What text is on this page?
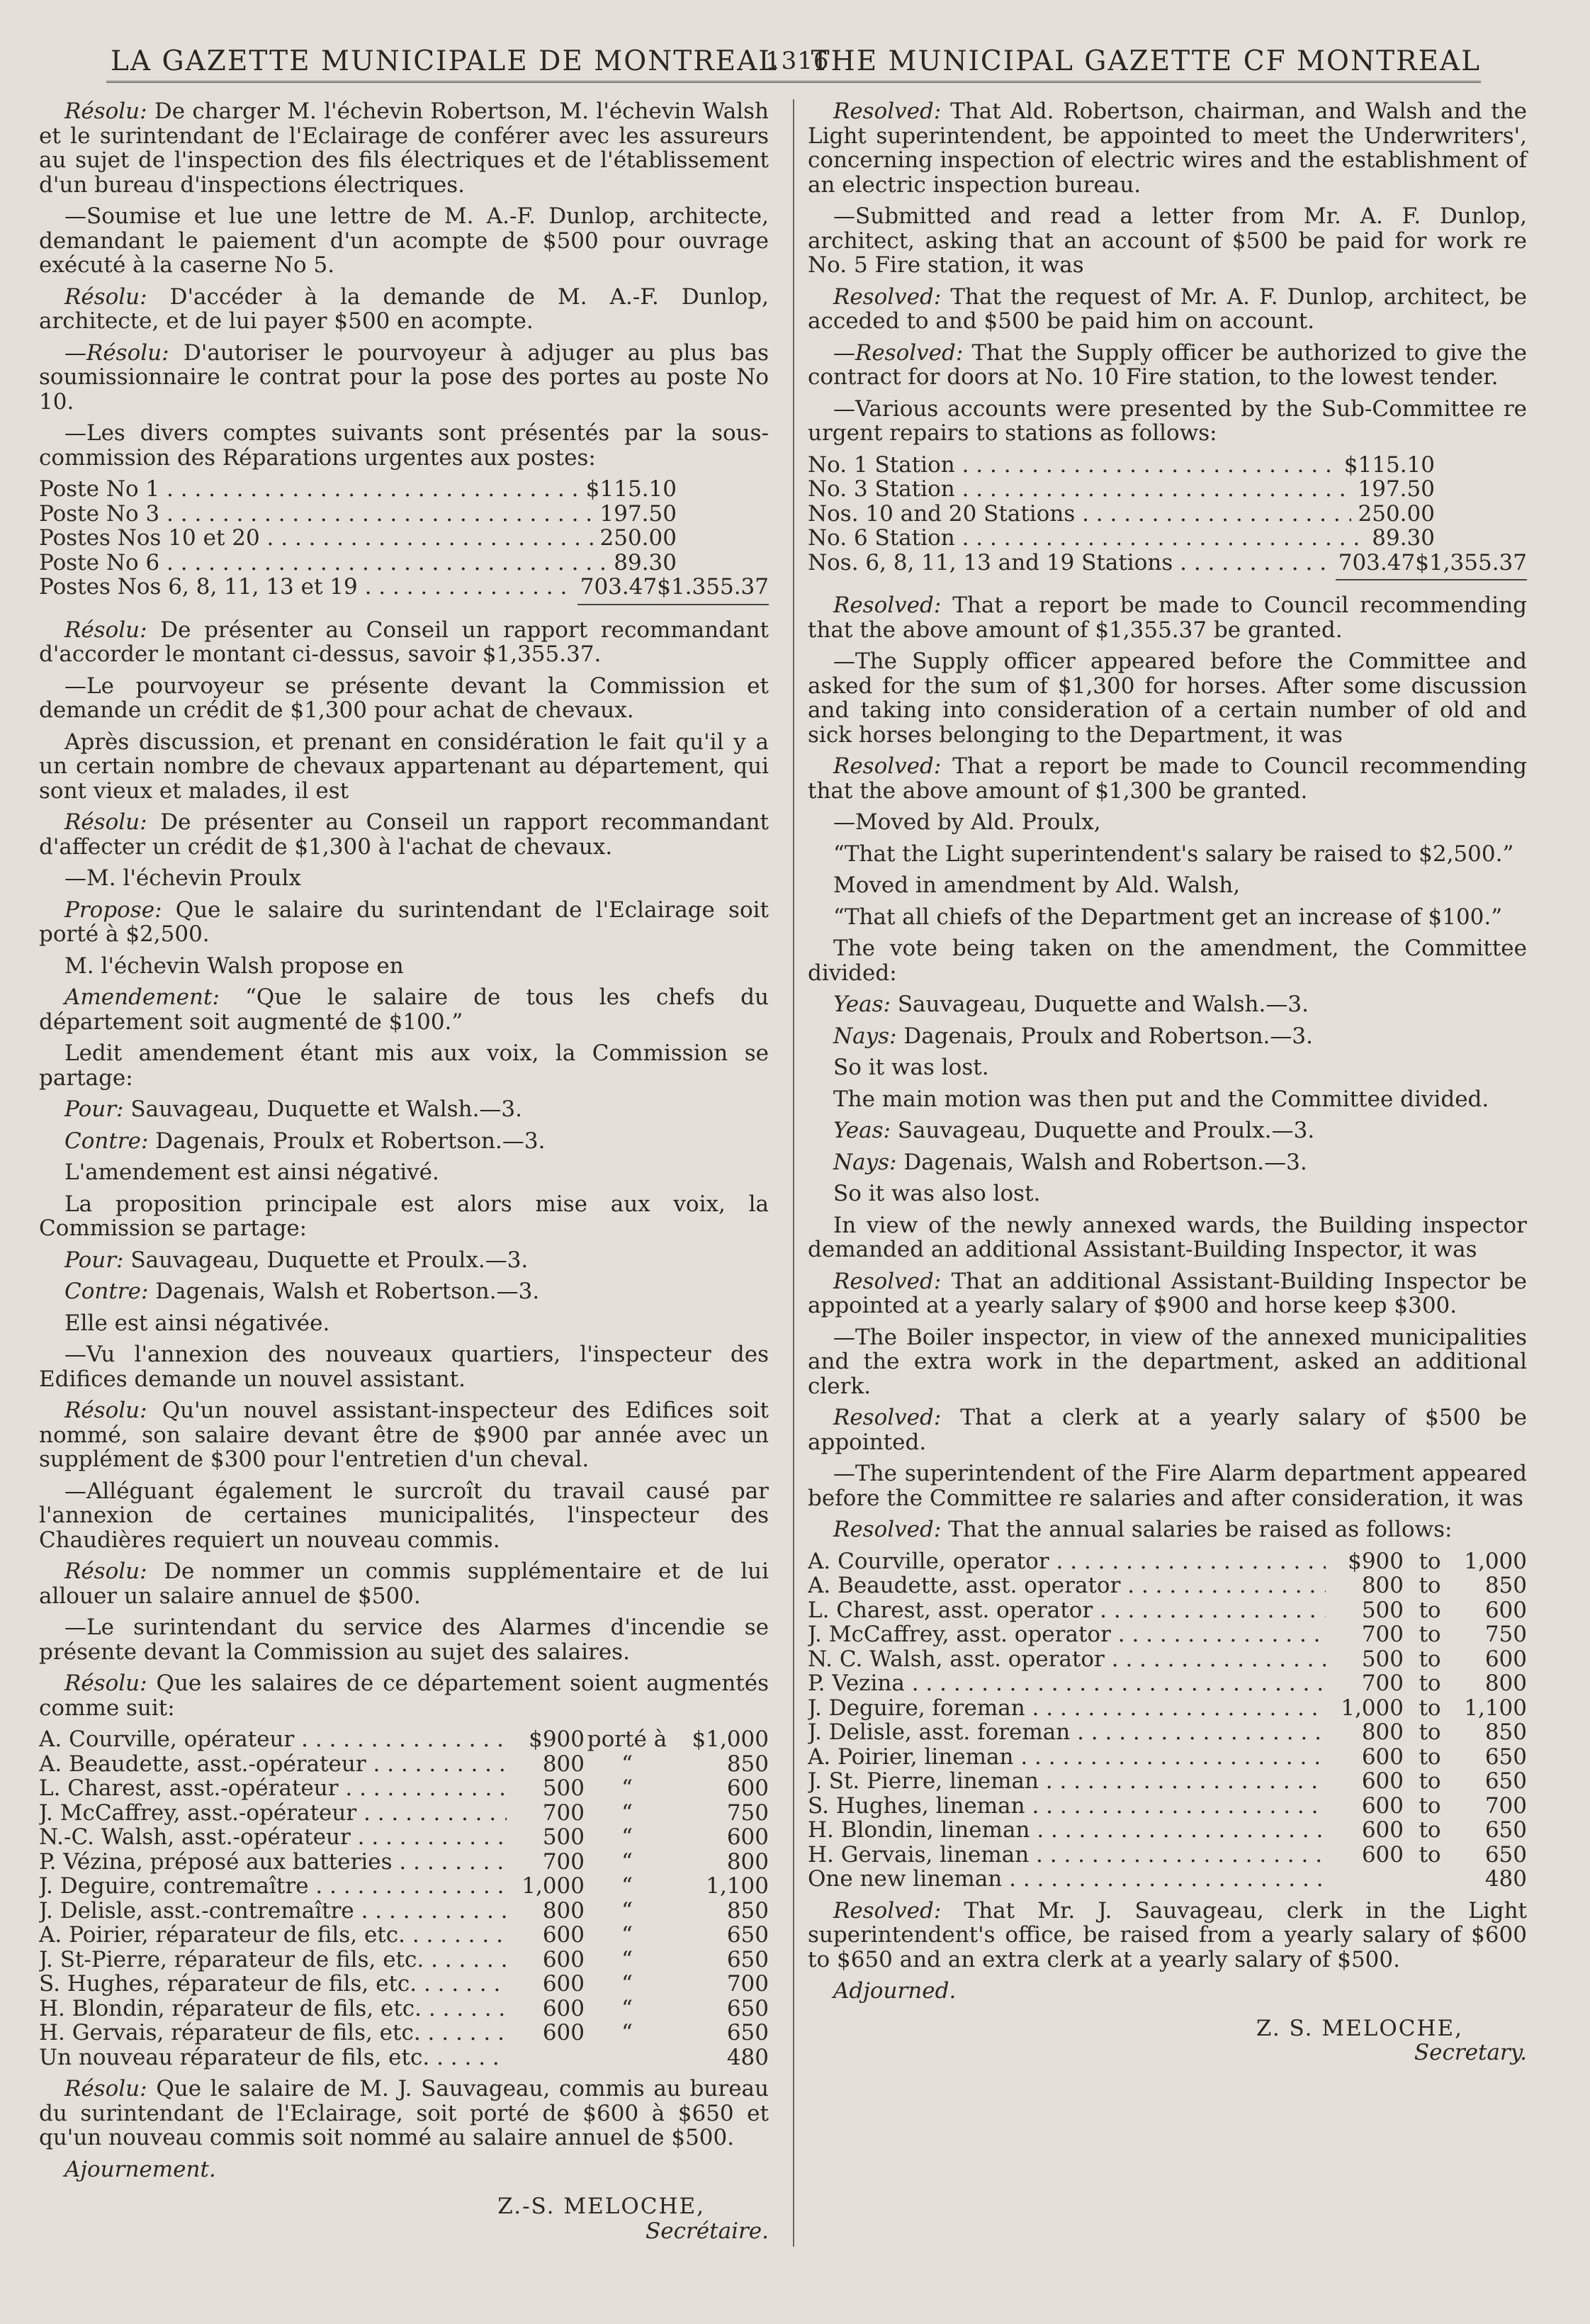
LA GAZETTE MUNICIPALE DE MONTREAL
1316
THE MUNICIPAL GAZETTE CF MONTREAL

Résolu: De charger M. l'échevin Robertson, M. l'échevin Walsh et le surintendant de l'Eclairage de conférer avec les assureurs au sujet de l'inspection des fils électriques et de l'établissement d'un bureau d'inspections électriques.

—Soumise et lue une lettre de M. A.-F. Dunlop, architecte, demandant le paiement d'un acompte de $500 pour ouvrage exécuté à la caserne No 5.

Résolu: D'accéder à la demande de M. A.-F. Dunlop, architecte, et de lui payer $500 en acompte.

—Résolu: D'autoriser le pourvoyeur à adjuger au plus bas soumissionnaire le contrat pour la pose des portes au poste No 10.

—Les divers comptes suivants sont présentés par la sous-commission des Réparations urgentes aux postes:

Poste No 1 . . .	$115.10
Poste No 3 . . .	197.50
Postes Nos 10 et 20 . . .	250.00
Poste No 6 . . .	89.30
Postes Nos 6, 8, 11, 13 et 19 . . .	703.47 $1.355.37

Résolu: De présenter au Conseil un rapport recommandant d'accorder le montant ci-dessus, savoir $1,355.37.

—Le pourvoyeur se présente devant la Commission et demande un crédit de $1,300 pour achat de chevaux.

Après discussion, et prenant en considération le fait qu'il y a un certain nombre de chevaux appartenant au département, qui sont vieux et malades, il est

Résolu: De présenter au Conseil un rapport recommandant d'affecter un crédit de $1,300 à l'achat de chevaux.

—M. l'échevin Proulx

Propose: Que le salaire du surintendant de l'Eclairage soit porté à $2,500.

M. l'échevin Walsh propose en

Amendement: “Que le salaire de tous les chefs du département soit augmenté de $100.”

Ledit amendement étant mis aux voix, la Commission se partage:

Pour: Sauvageau, Duquette et Walsh.—3.

Contre: Dagenais, Proulx et Robertson.—3.

L'amendement est ainsi négativé.

La proposition principale est alors mise aux voix, la Commission se partage:

Pour: Sauvageau, Duquette et Proulx.—3.

Contre: Dagenais, Walsh et Robertson.—3.

Elle est ainsi négativée.

—Vu l'annexion des nouveaux quartiers, l'inspecteur des Edifices demande un nouvel assistant.

Résolu: Qu'un nouvel assistant-inspecteur des Edifices soit nommé, son salaire devant être de $900 par année avec un supplément de $300 pour l'entretien d'un cheval.

—Alléguant également le surcroît du travail causé par l'annexion de certaines municipalités, l'inspecteur des Chaudières requiert un nouveau commis.

Résolu: De nommer un commis supplémentaire et de lui allouer un salaire annuel de $500.

—Le surintendant du service des Alarmes d'incendie se présente devant la Commission au sujet des salaires.

Résolu: Que les salaires de ce département soient augmentés comme suit:

A. Courville, opérateur . . .	$900 porté à	$1,000
A. Beaudette, asst.-opérateur . . .	800	“	850
L. Charest, asst.-opérateur . . .	500	“	600
J. McCaffrey, asst.-opérateur . . .	700	“	750
N.-C. Walsh, asst.-opérateur . . .	500	“	600
P. Vézina, préposé aux batteries . . .	700	“	800
J. Deguire, contremaître . . .	1,000	“	1,100
J. Delisle, asst.-contremaître . . .	800	“	850
A. Poirier, réparateur de fils, etc. . . .	600	“	650
J. St-Pierre, réparateur de fils, etc. . . .	600	“	650
S. Hughes, réparateur de fils, etc. . . .	600	“	700
H. Blondin, réparateur de fils, etc. . . .	600	“	650
H. Gervais, réparateur de fils, etc. . . .	600	“	650
Un nouveau réparateur de fils, etc. . . .	480

Résolu: Que le salaire de M. J. Sauvageau, commis au bureau du surintendant de l'Eclairage, soit porté de $600 à $650 et qu'un nouveau commis soit nommé au salaire annuel de $500.

Ajournement.

Z.-S. MELOCHE,
Secrétaire.

Resolved: That Ald. Robertson, chairman, and Walsh and the Light superintendent, be appointed to meet the Underwriters', concerning inspection of electric wires and the establishment of an electric inspection bureau.

—Submitted and read a letter from Mr. A. F. Dunlop, architect, asking that an account of $500 be paid for work re No. 5 Fire station, it was

Resolved: That the request of Mr. A. F. Dunlop, architect, be acceded to and $500 be paid him on account.

—Resolved: That the Supply officer be authorized to give the contract for doors at No. 10 Fire station, to the lowest tender.

—Various accounts were presented by the Sub-Committee re urgent repairs to stations as follows:

No. 1 Station . . .	$115.10
No. 3 Station . . .	197.50
Nos. 10 and 20 Stations . . .	250.00
No. 6 Station . . .	89.30
Nos. 6, 8, 11, 13 and 19 Stations . . .	703.47 $1,355.37

Resolved: That a report be made to Council recommending that the above amount of $1,355.37 be granted.

—The Supply officer appeared before the Committee and asked for the sum of $1,300 for horses. After some discussion and taking into consideration of a certain number of old and sick horses belonging to the Department, it was

Resolved: That a report be made to Council recommending that the above amount of $1,300 be granted.

—Moved by Ald. Proulx,

“That the Light superintendent's salary be raised to $2,500.”

Moved in amendment by Ald. Walsh,

“That all chiefs of the Department get an increase of $100.”

The vote being taken on the amendment, the Committee divided:

Yeas: Sauvageau, Duquette and Walsh.—3.

Nays: Dagenais, Proulx and Robertson.—3.

So it was lost.

The main motion was then put and the Committee divided.

Yeas: Sauvageau, Duquette and Proulx.—3.

Nays: Dagenais, Walsh and Robertson.—3.

So it was also lost.

In view of the newly annexed wards, the Building inspector demanded an additional Assistant-Building Inspector, it was

Resolved: That an additional Assistant-Building Inspector be appointed at a yearly salary of $900 and horse keep $300.

—The Boiler inspector, in view of the annexed municipalities and the extra work in the department, asked an additional clerk.

Resolved: That a clerk at a yearly salary of $500 be appointed.

—The superintendent of the Fire Alarm department appeared before the Committee re salaries and after consideration, it was

Resolved: That the annual salaries be raised as follows:

A. Courville, operator . . .	$900 to	1,000
A. Beaudette, asst. operator . . .	800 to	850
L. Charest, asst. operator . . .	500 to	600
J. McCaffrey, asst. operator . . .	700 to	750
N. C. Walsh, asst. operator . . .	500 to	600
P. Vezina . . .	700 to	800
J. Deguire, foreman . . .	1,000 to	1,100
J. Delisle, asst. foreman . . .	800 to	850
A. Poirier, lineman . . .	600 to	650
J. St. Pierre, lineman . . .	600 to	650
S. Hughes, lineman . . .	600 to	700
H. Blondin, lineman . . .	600 to	650
H. Gervais, lineman . . .	600 to	650
One new lineman . . .	480

Resolved: That Mr. J. Sauvageau, clerk in the Light superintendent's office, be raised from a yearly salary of $600 to $650 and an extra clerk at a yearly salary of $500.

Adjourned.

Z. S. MELOCHE,
Secretary.
